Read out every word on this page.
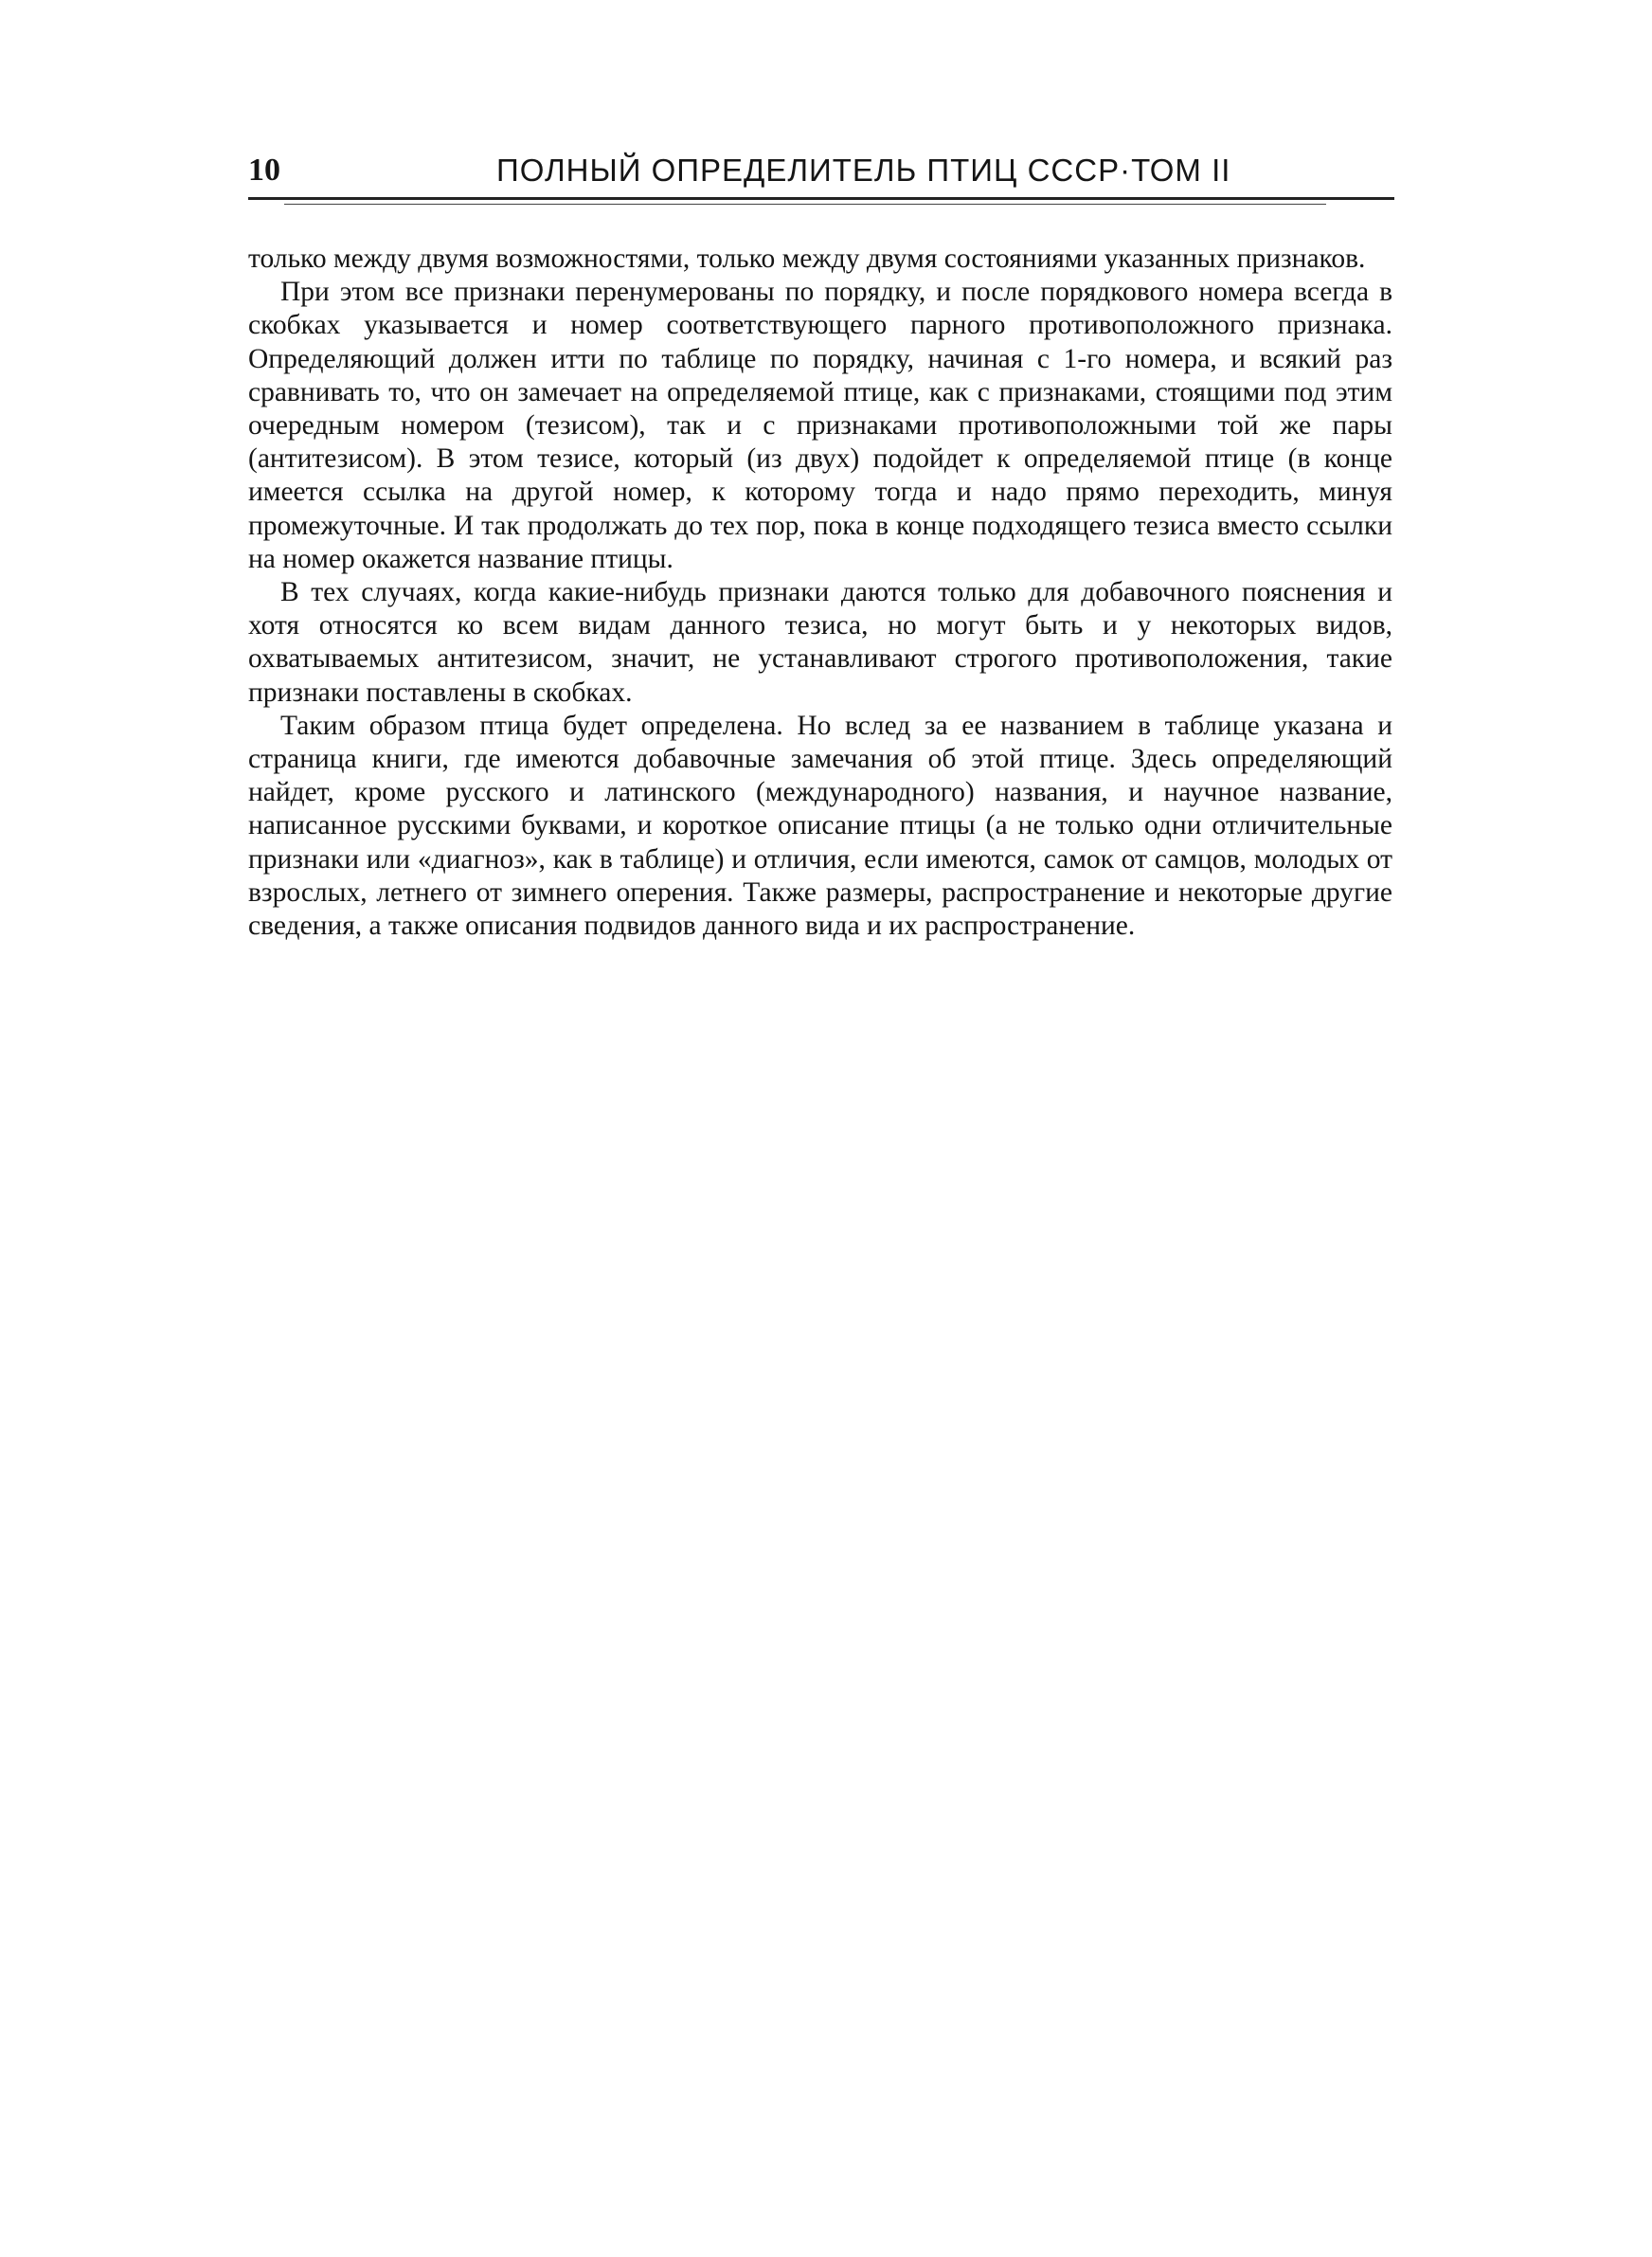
10	ПОЛНЫЙ ОПРЕДЕЛИТЕЛЬ ПТИЦ СССР·ТОМ II

только между двумя возможностями, только между двумя состояниями указанных признаков.

При этом все признаки перенумерованы по порядку, и после порядкового номера всегда в скобках указывается и номер соответствующего парного противоположного признака. Определяющий должен итти по таблице по порядку, начиная с 1-го номера, и всякий раз сравнивать то, что он замечает на определяемой птице, как с признаками, стоящими под этим очередным номером (тезисом), так и с признаками противоположными той же пары (антитезисом). В этом тезисе, который (из двух) подойдет к определяемой птице (в конце имеется ссылка на другой номер, к которому тогда и надо прямо переходить, минуя промежуточные. И так продолжать до тех пор, пока в конце подходящего тезиса вместо ссылки на номер окажется название птицы.

В тех случаях, когда какие-нибудь признаки даются только для добавочного пояснения и хотя относятся ко всем видам данного тезиса, но могут быть и у некоторых видов, охватываемых антитезисом, значит, не устанавливают строгого противоположения, такие признаки поставлены в скобках.

Таким образом птица будет определена. Но вслед за ее названием в таблице указана и страница книги, где имеются добавочные замечания об этой птице. Здесь определяющий найдет, кроме русского и латинского (международного) названия, и научное название, написанное русскими буквами, и короткое описание птицы (а не только одни отличительные признаки или «диагноз», как в таблице) и отличия, если имеются, самок от самцов, молодых от взрослых, летнего от зимнего оперения. Также размеры, распространение и некоторые другие сведения, а также описания подвидов данного вида и их распространение.
